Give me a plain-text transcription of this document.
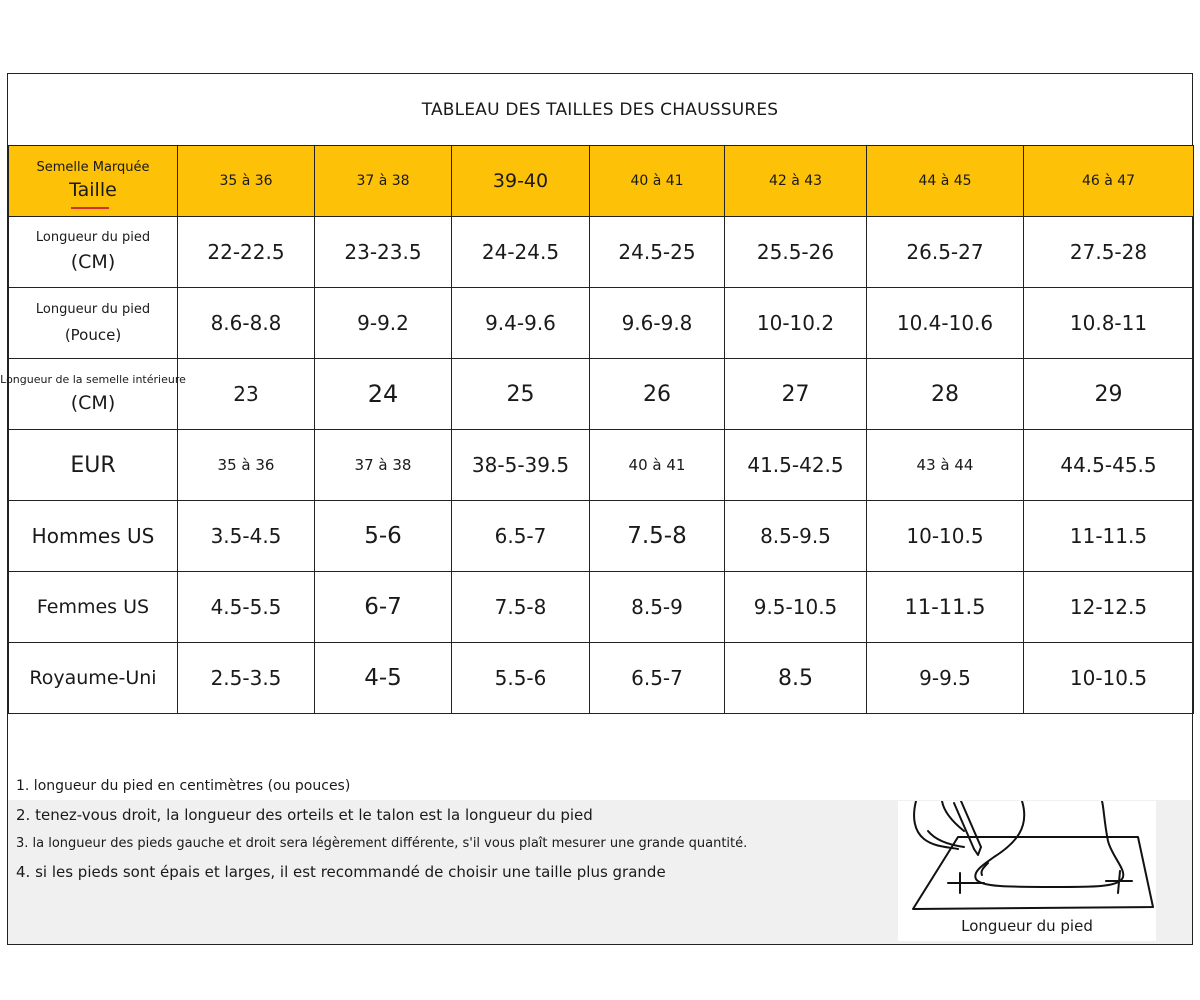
TABLEAU DES TAILLES DES CHAUSSURES
Semelle Marquée
Taille	35 à 36	37 à 38	39-40	40 à 41	42 à 43	44 à 45	46 à 47

Longueur du pied
(CM)	22-22.5	23-23.5	24-24.5	24.5-25	25.5-26	26.5-27	27.5-28

Longueur du pied
(Pouce)	8.6-8.8	9-9.2	9.4-9.6	9.6-9.8	10-10.2	10.4-10.6	10.8-11

Longueur de la semelle intérieure
(CM)	23	24	25	26	27	28	29
EUR	35 à 36	37 à 38	38-5-39.5	40 à 41	41.5-42.5	43 à 44	44.5-45.5
Hommes US	3.5-4.5	5-6	6.5-7	7.5-8	8.5-9.5	10-10.5	11-11.5
Femmes US	4.5-5.5	6-7	7.5-8	8.5-9	9.5-10.5	11-11.5	12-12.5
Royaume-Uni	2.5-3.5	4-5	5.5-6	6.5-7	8.5	9-9.5	10-10.5
1. longueur du pied en centimètres (ou pouces)
2. tenez-vous droit, la longueur des orteils et le talon est la longueur du pied
3. la longueur des pieds gauche et droit sera légèrement différente, s'il vous plaît mesurer une grande quantité.
4. si les pieds sont épais et larges, il est recommandé de choisir une taille plus grande
Longueur du pied
